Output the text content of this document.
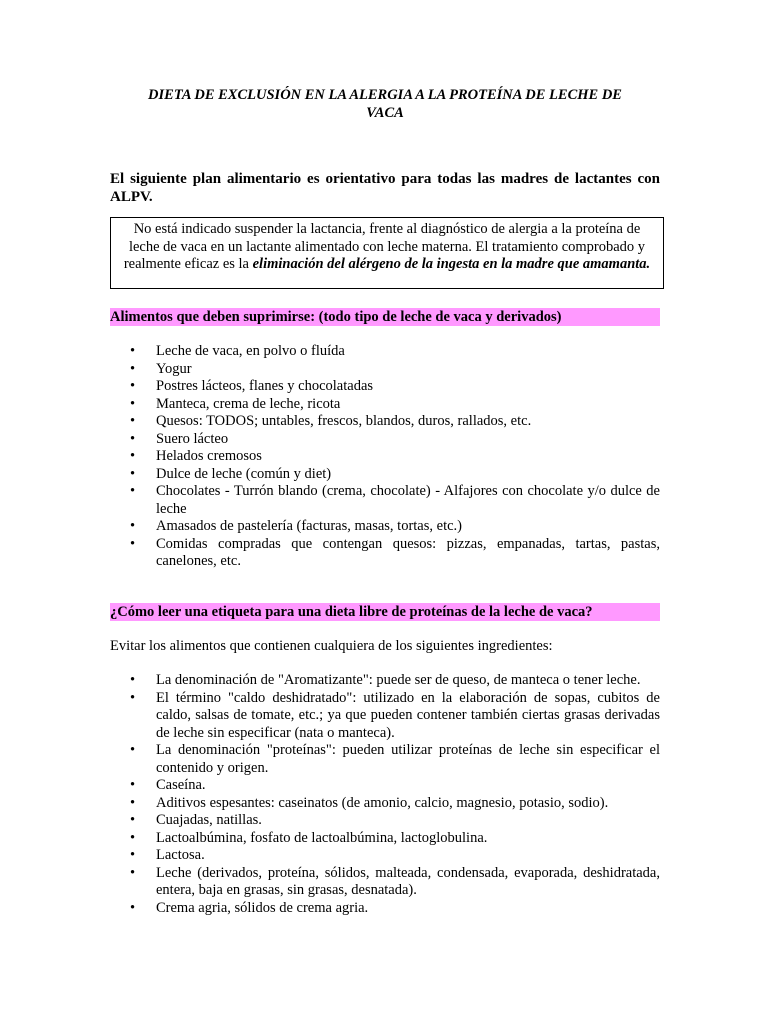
DIETA DE EXCLUSIÓN EN LA ALERGIA A LA PROTEÍNA DE LECHE DE
VACA
El siguiente plan alimentario es orientativo para todas las madres de lactantes con ALPV.
No está indicado suspender la lactancia, frente al diagnóstico de alergia a la proteína de leche de vaca en un lactante alimentado con leche materna. El tratamiento comprobado y realmente eficaz es la eliminación del alérgeno de la ingesta en la madre que amamanta.
Alimentos que deben suprimirse: (todo tipo de leche de vaca y derivados)
•	Leche de vaca, en polvo o fluída
•	Yogur
•	Postres lácteos, flanes y chocolatadas
•	Manteca, crema de leche, ricota
•	Quesos: TODOS; untables, frescos, blandos, duros, rallados, etc.
•	Suero lácteo
•	Helados cremosos
•	Dulce de leche (común y diet)
•	Chocolates - Turrón blando (crema, chocolate) - Alfajores con chocolate y/o dulce de leche
•	Amasados de pastelería (facturas, masas, tortas, etc.)
•	Comidas compradas que contengan quesos: pizzas, empanadas, tartas, pastas, canelones, etc.
¿Cómo leer una etiqueta para una dieta libre de proteínas de la leche de vaca?
Evitar los alimentos que contienen cualquiera de los siguientes ingredientes:
•	La denominación de "Aromatizante": puede ser de queso, de manteca o tener leche.
•	El término "caldo deshidratado": utilizado en la elaboración de sopas, cubitos de caldo, salsas de tomate, etc.; ya que pueden contener también ciertas grasas derivadas de leche sin especificar (nata o manteca).
•	La denominación "proteínas": pueden utilizar proteínas de leche sin especificar el contenido y origen.
•	Caseína.
•	Aditivos espesantes: caseinatos (de amonio, calcio, magnesio, potasio, sodio).
•	Cuajadas, natillas.
•	Lactoalbúmina, fosfato de lactoalbúmina, lactoglobulina.
•	Lactosa.
•	Leche (derivados, proteína, sólidos, malteada, condensada, evaporada, deshidratada, entera, baja en grasas, sin grasas, desnatada).
•	Crema agria, sólidos de crema agria.
